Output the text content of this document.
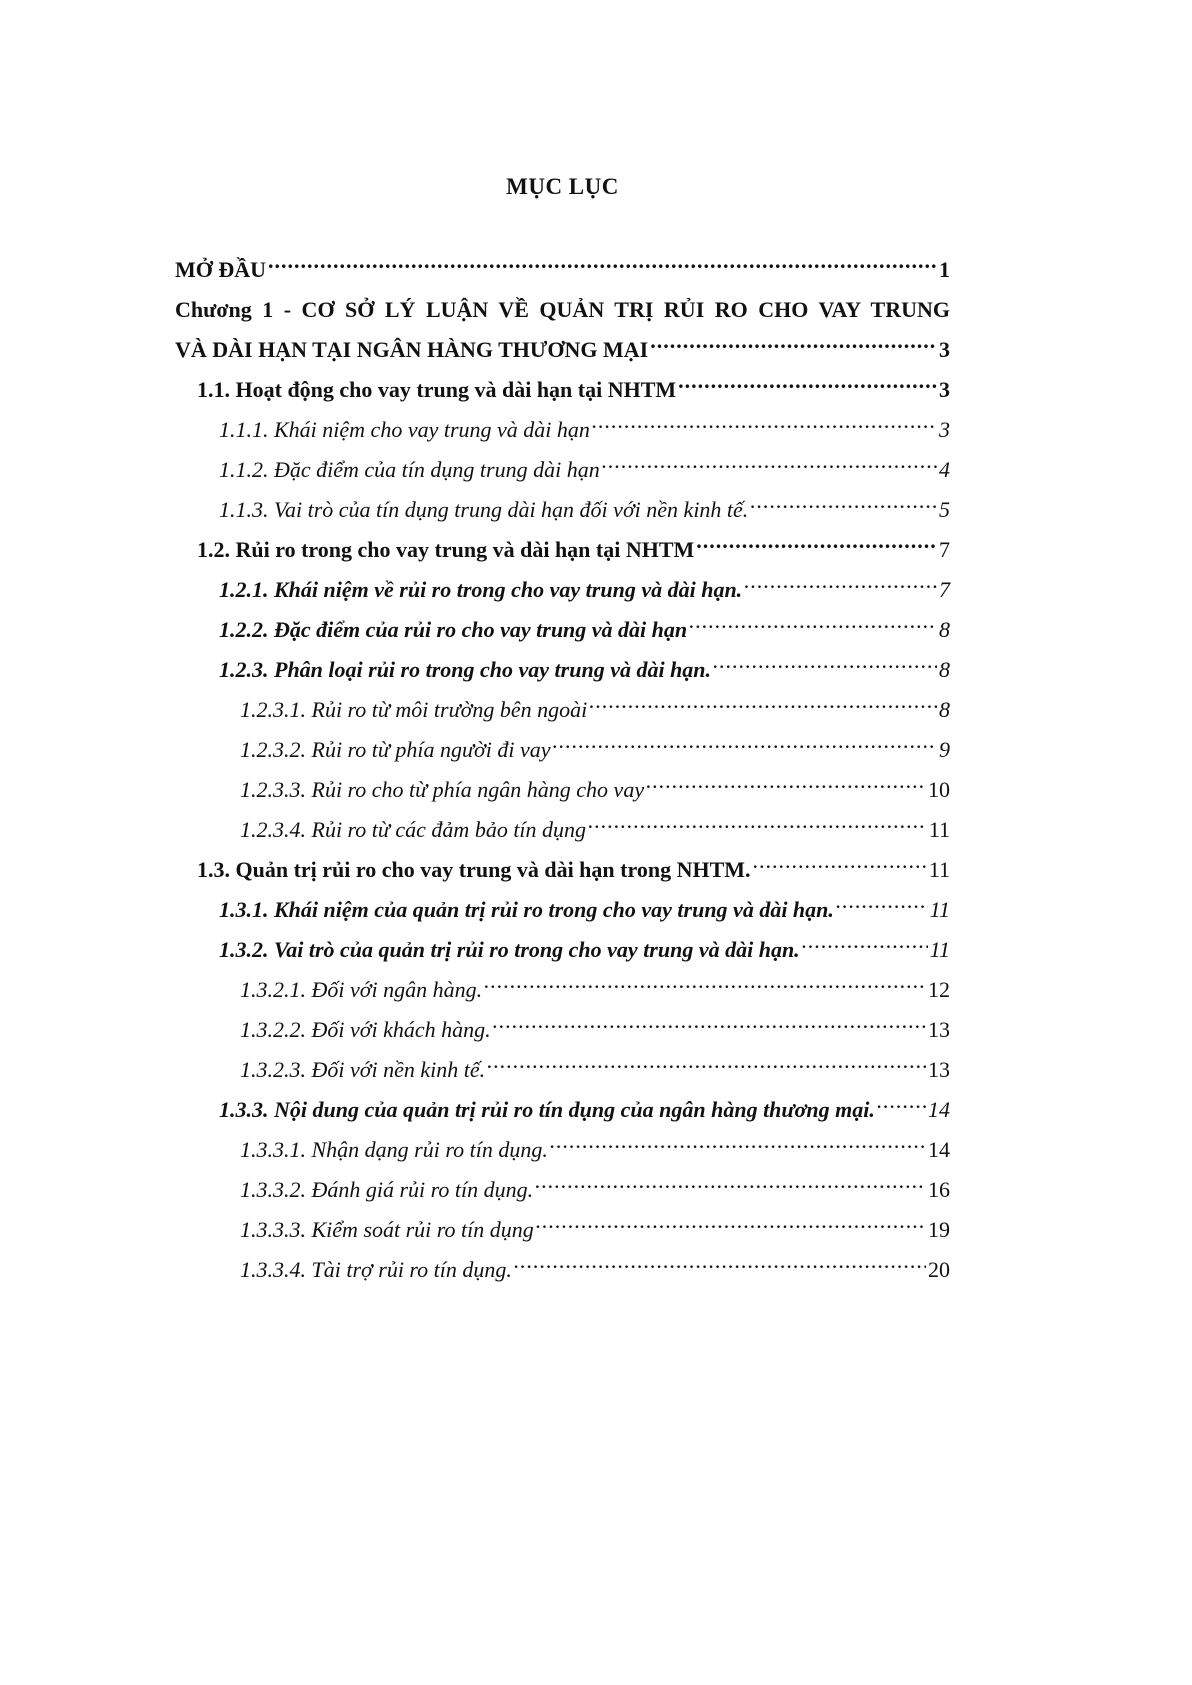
MỤC LỤC
MỞ ĐẦU .....	1
Chương 1 - CƠ SỞ LÝ LUẬN VỀ QUẢN TRỊ RỦI RO CHO VAY TRUNG
VÀ DÀI HẠN TẠI NGÂN HÀNG THƯƠNG MẠI .....	3
1.1. Hoạt động cho vay trung và dài hạn tại NHTM .....	3
1.1.1. Khái niệm cho vay trung và dài hạn .....	3
1.1.2. Đặc điểm của tín dụng trung dài hạn .....	4
1.1.3. Vai trò của tín dụng trung dài hạn đối với nền kinh tế. .....	5
1.2. Rủi ro trong cho vay trung và dài hạn tại NHTM .....	7
1.2.1. Khái niệm về rủi ro trong cho vay trung và dài hạn. .....	7
1.2.2. Đặc điểm của rủi ro cho vay trung và dài hạn .....	8
1.2.3. Phân loại rủi ro trong cho vay trung và dài hạn. .....	8
1.2.3.1. Rủi ro từ môi trường bên ngoài .....	8
1.2.3.2. Rủi ro từ phía người đi vay .....	9
1.2.3.3. Rủi ro cho từ phía ngân hàng cho vay .....	10
1.2.3.4. Rủi ro từ các đảm bảo tín dụng .....	11
1.3. Quản trị rủi ro cho vay trung và dài hạn trong NHTM. .....	11
1.3.1. Khái niệm của quản trị rủi ro trong cho vay trung và dài hạn. .....	11
1.3.2. Vai trò của quản trị rủi ro trong cho vay trung và dài hạn. .....	11
1.3.2.1. Đối với ngân hàng. .....	12
1.3.2.2. Đối với khách hàng. .....	13
1.3.2.3. Đối với nền kinh tế. .....	13
1.3.3. Nội dung của quản trị rủi ro tín dụng của ngân hàng thương mại. ..... 14
1.3.3.1. Nhận dạng rủi ro tín dụng. .....	14
1.3.3.2. Đánh giá rủi ro tín dụng. .....	16
1.3.3.3. Kiểm soát rủi ro tín dụng .....	19
1.3.3.4. Tài trợ rủi ro tín dụng. .....	20
